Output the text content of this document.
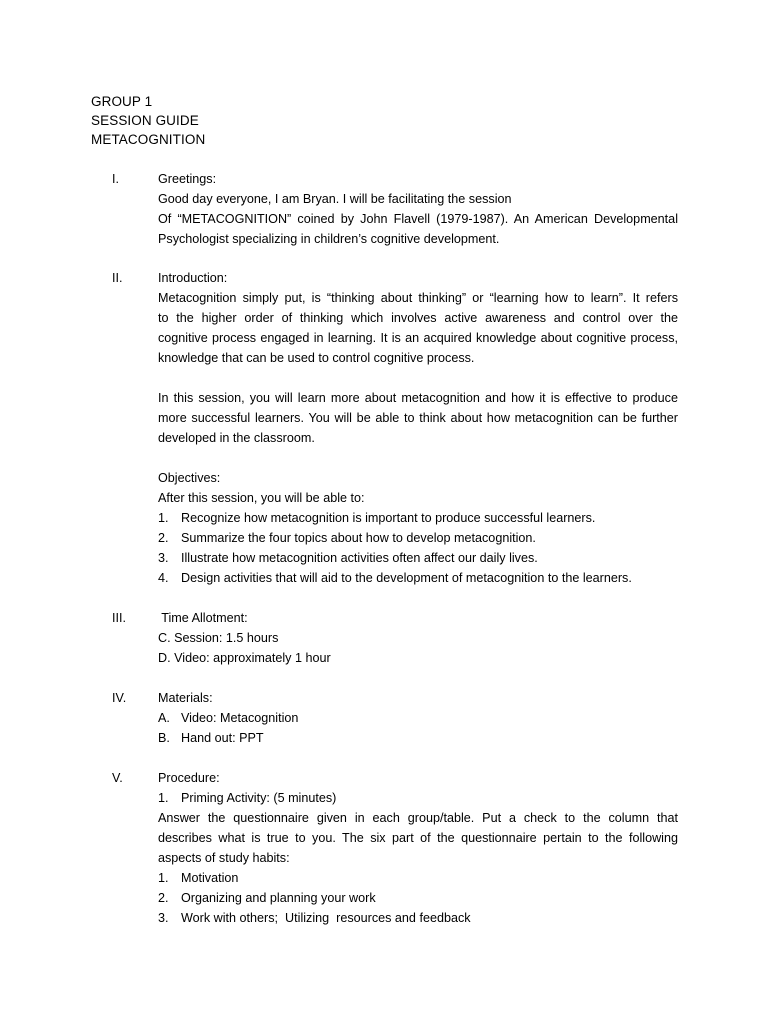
GROUP 1
SESSION GUIDE
METACOGNITION
I.	Greetings:
Good day everyone, I am Bryan. I will be facilitating the session
Of “METACOGNITION” coined by John Flavell (1979-1987). An American Developmental
Psychologist specializing in children’s cognitive development.
II.	Introduction:
Metacognition simply put, is “thinking about thinking” or “learning how to learn”. It refers
to the higher order of thinking which involves active awareness and control over the
cognitive process engaged in learning. It is an acquired knowledge about cognitive process,
knowledge that can be used to control cognitive process.
In this session, you will learn more about metacognition and how it is effective to produce
more successful learners. You will be able to think about how metacognition can be further
developed in the classroom.
Objectives:
After this session, you will be able to:
1. Recognize how metacognition is important to produce successful learners.
2. Summarize the four topics about how to develop metacognition.
3. Illustrate how metacognition activities often affect our daily lives.
4. Design activities that will aid to the development of metacognition to the learners.
III.	Time Allotment:
C. Session: 1.5 hours
D. Video: approximately 1 hour
IV.	Materials:
A. Video: Metacognition
B. Hand out: PPT
V.	Procedure:
1. Priming Activity: (5 minutes)
Answer the questionnaire given in each group/table. Put a check to the column that
describes what is true to you. The six part of the questionnaire pertain to the following
aspects of study habits:
1. Motivation
2. Organizing and planning your work
3. Work with others;  Utilizing  resources and feedback
